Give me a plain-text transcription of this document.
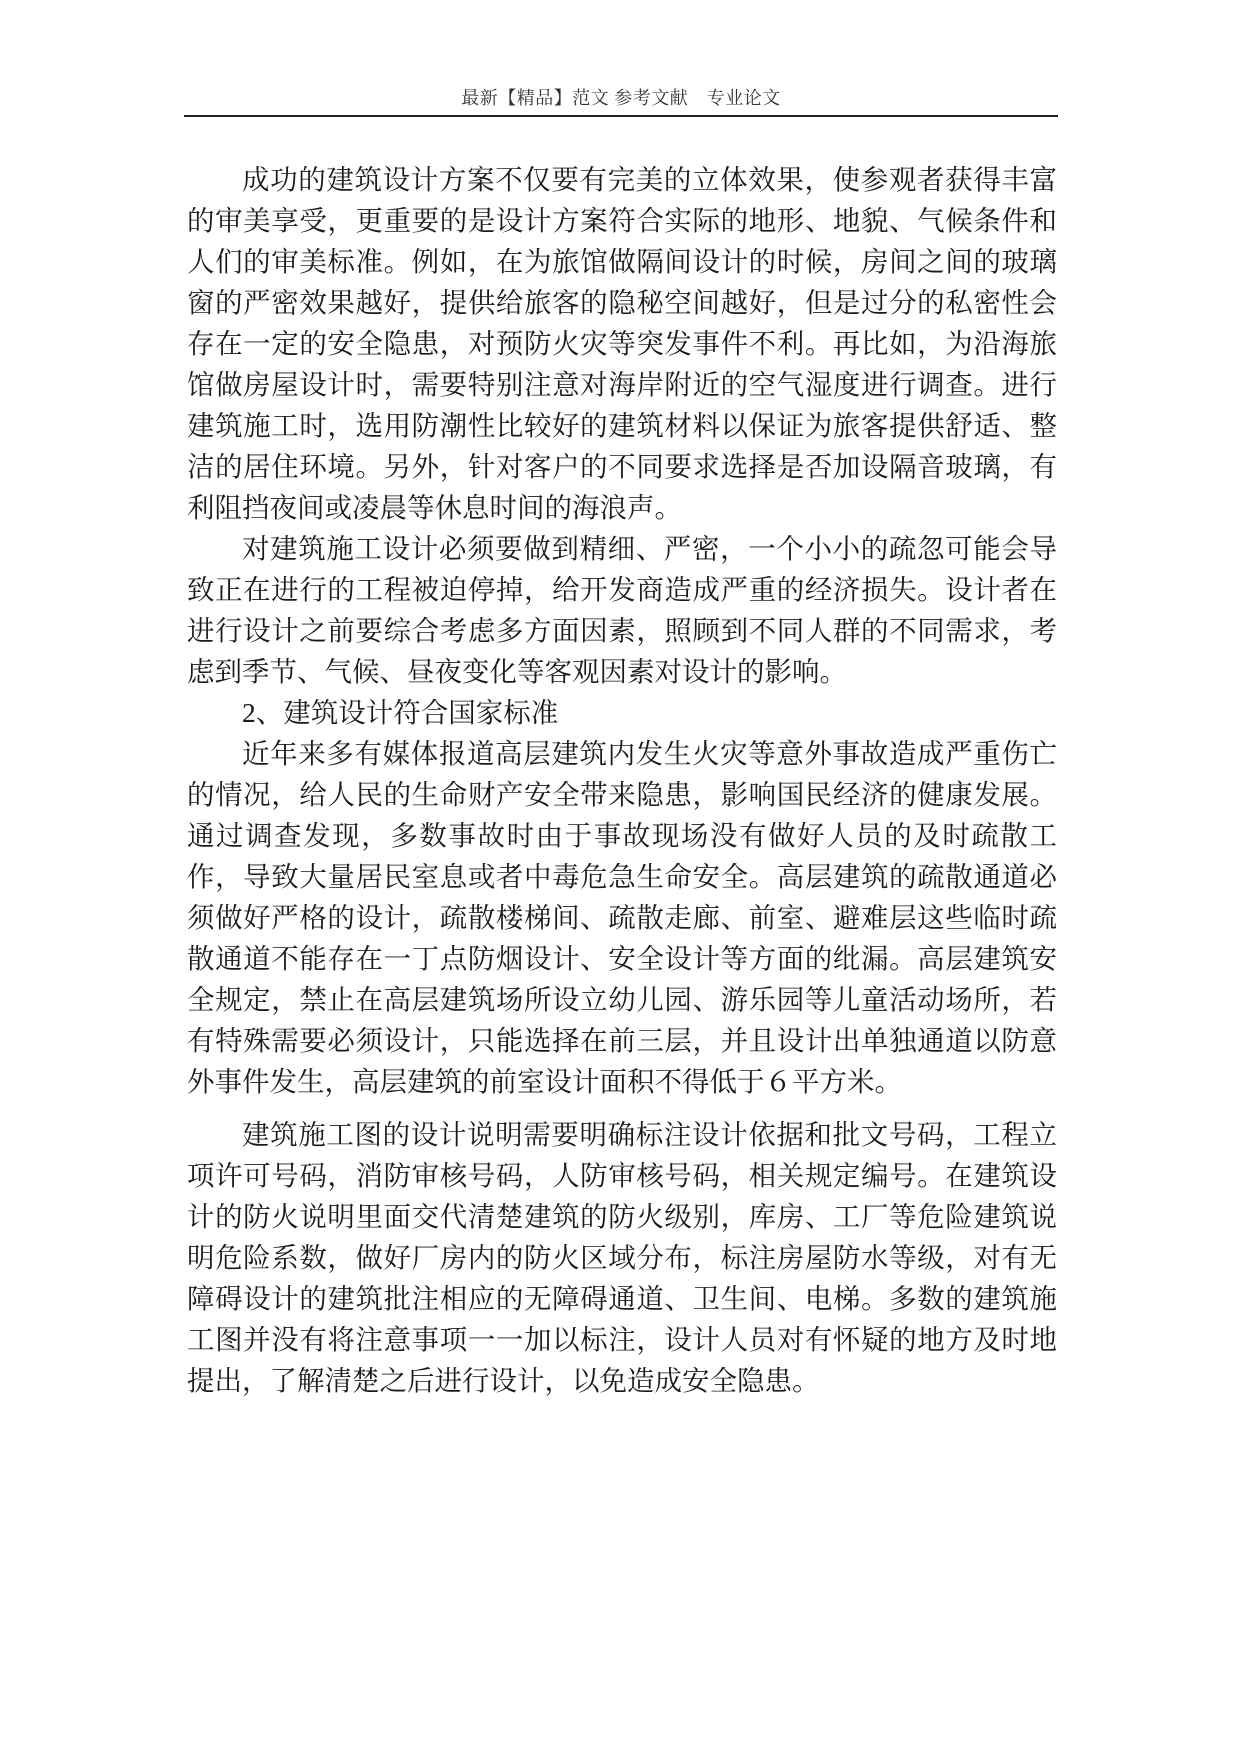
最新【精品】范文 参考文献　专业论文

成功的建筑设计方案不仅要有完美的立体效果，使参观者获得丰富的审美享受，更重要的是设计方案符合实际的地形、地貌、气候条件和人们的审美标准。例如，在为旅馆做隔间设计的时候，房间之间的玻璃窗的严密效果越好，提供给旅客的隐秘空间越好，但是过分的私密性会存在一定的安全隐患，对预防火灾等突发事件不利。再比如，为沿海旅馆做房屋设计时，需要特别注意对海岸附近的空气湿度进行调查。进行建筑施工时，选用防潮性比较好的建筑材料以保证为旅客提供舒适、整洁的居住环境。另外，针对客户的不同要求选择是否加设隔音玻璃，有利阻挡夜间或凌晨等休息时间的海浪声。

对建筑施工设计必须要做到精细、严密，一个小小的疏忽可能会导致正在进行的工程被迫停掉，给开发商造成严重的经济损失。设计者在进行设计之前要综合考虑多方面因素，照顾到不同人群的不同需求，考虑到季节、气候、昼夜变化等客观因素对设计的影响。

2、建筑设计符合国家标准

近年来多有媒体报道高层建筑内发生火灾等意外事故造成严重伤亡的情况，给人民的生命财产安全带来隐患，影响国民经济的健康发展。通过调查发现，多数事故时由于事故现场没有做好人员的及时疏散工作，导致大量居民室息或者中毒危急生命安全。高层建筑的疏散通道必须做好严格的设计，疏散楼梯间、疏散走廊、前室、避难层这些临时疏散通道不能存在一丁点防烟设计、安全设计等方面的纰漏。高层建筑安全规定，禁止在高层建筑场所设立幼儿园、游乐园等儿童活动场所，若有特殊需要必须设计，只能选择在前三层，并且设计出单独通道以防意外事件发生，高层建筑的前室设计面积不得低于６平方米。

建筑施工图的设计说明需要明确标注设计依据和批文号码，工程立项许可号码，消防审核号码，人防审核号码，相关规定编号。在建筑设计的防火说明里面交代清楚建筑的防火级别，库房、工厂等危险建筑说明危险系数，做好厂房内的防火区域分布，标注房屋防水等级，对有无障碍设计的建筑批注相应的无障碍通道、卫生间、电梯。多数的建筑施工图并没有将注意事项一一加以标注，设计人员对有怀疑的地方及时地提出，了解清楚之后进行设计，以免造成安全隐患。
